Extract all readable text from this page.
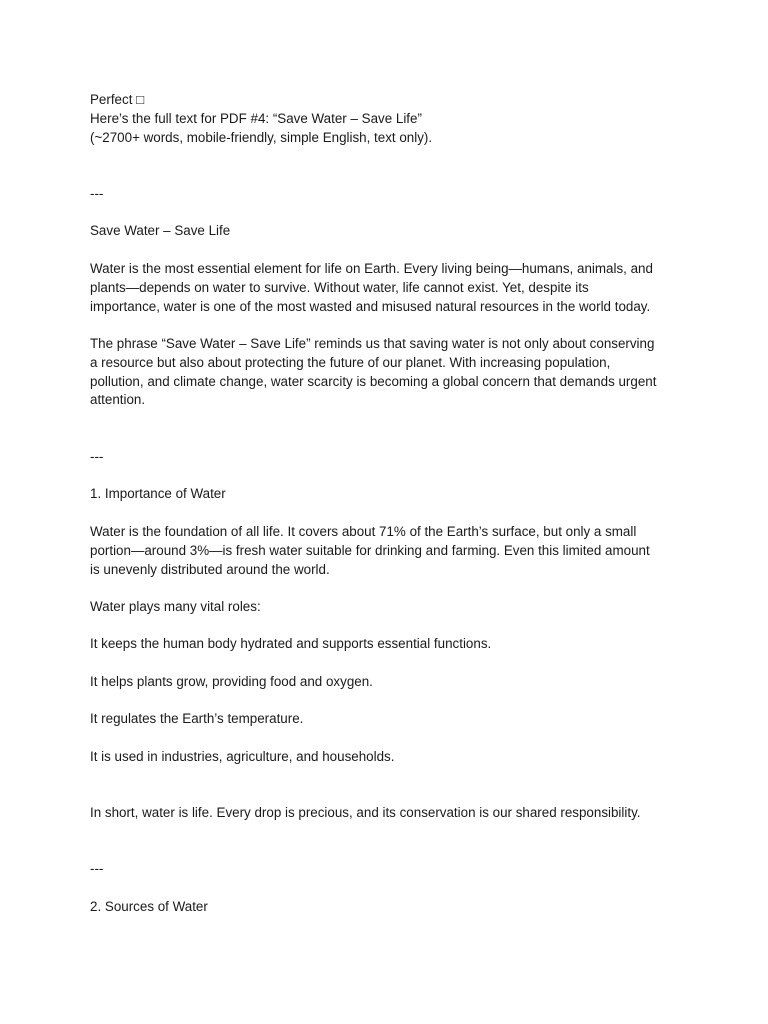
Perfect □
Here’s the full text for PDF #4: “Save Water – Save Life”
(~2700+ words, mobile-friendly, simple English, text only).

---

Save Water – Save Life

Water is the most essential element for life on Earth. Every living being—humans, animals, and
plants—depends on water to survive. Without water, life cannot exist. Yet, despite its
importance, water is one of the most wasted and misused natural resources in the world today.

The phrase “Save Water – Save Life” reminds us that saving water is not only about conserving
a resource but also about protecting the future of our planet. With increasing population,
pollution, and climate change, water scarcity is becoming a global concern that demands urgent
attention.

---

1. Importance of Water

Water is the foundation of all life. It covers about 71% of the Earth’s surface, but only a small
portion—around 3%—is fresh water suitable for drinking and farming. Even this limited amount
is unevenly distributed around the world.

Water plays many vital roles:

It keeps the human body hydrated and supports essential functions.

It helps plants grow, providing food and oxygen.

It regulates the Earth’s temperature.

It is used in industries, agriculture, and households.

In short, water is life. Every drop is precious, and its conservation is our shared responsibility.

---

2. Sources of Water
